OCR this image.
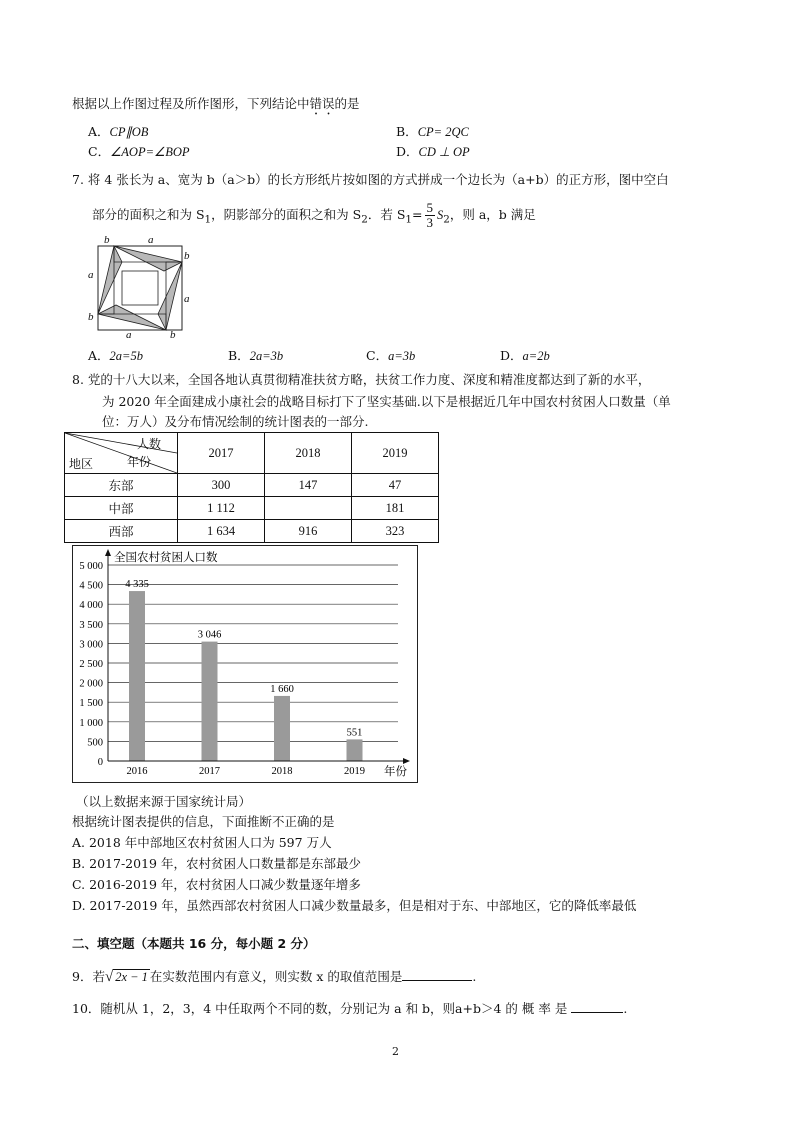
根据以上作图过程及所作图形，下列结论中错误的是
A．CP∥OB	B．CP= 2QC
C．∠AOP=∠BOP	D．CD ⊥ OP
7. 将 4 张长为 a、宽为 b（a＞b）的长方形纸片按如图的方式拼成一个边长为（a+b）的正方形，图中空白
部分的面积之和为 $S_1$，阴影部分的面积之和为 $S_2$．若 $S_1= \frac{5}{3} S_2$，则 a，b 满足
b	a
b
a
a
b
a	b
A．2a=5b	B．2a=3b	C．a=3b	D．a=2b
8. 党的十八大以来，全国各地认真贯彻精准扶贫方略，扶贫工作力度、深度和精准度都达到了新的水平，
为 2020 年全面建成小康社会的战略目标打下了坚实基础.以下是根据近几年中国农村贫困人口数量（单
位：万人）及分布情况绘制的统计图表的一部分.
人数
年份
地区	2017	2018	2019
东部	300	147	47
中部	1 112		181
西部	1 634	916	323
0
500
1 000
1 500
2 000
2 500
3 000
3 500
4 000
4 500
5 000
2016	2017	2018	2019
4 335
3 046
1 660
551
全国农村贫困人口数
年份
（以上数据来源于国家统计局）
根据统计图表提供的信息，下面推断不正确的是
A. 2018 年中部地区农村贫困人口为 597 万人
B. 2017-2019 年，农村贫困人口数量都是东部最少
C. 2016-2019 年，农村贫困人口减少数量逐年增多
D. 2017-2019 年，虽然西部农村贫困人口减少数量最多，但是相对于东、中部地区，它的降低率最低
二、填空题（本题共 16 分，每小题 2 分）
9．若√ 2x − 1 在实数范围内有意义，则实数 x 的取值范围是	.
10．随机从 1，2，3，4 中任取两个不同的数，分别记为 a 和 b，则a+b＞4 的 概 率 是	.
2
